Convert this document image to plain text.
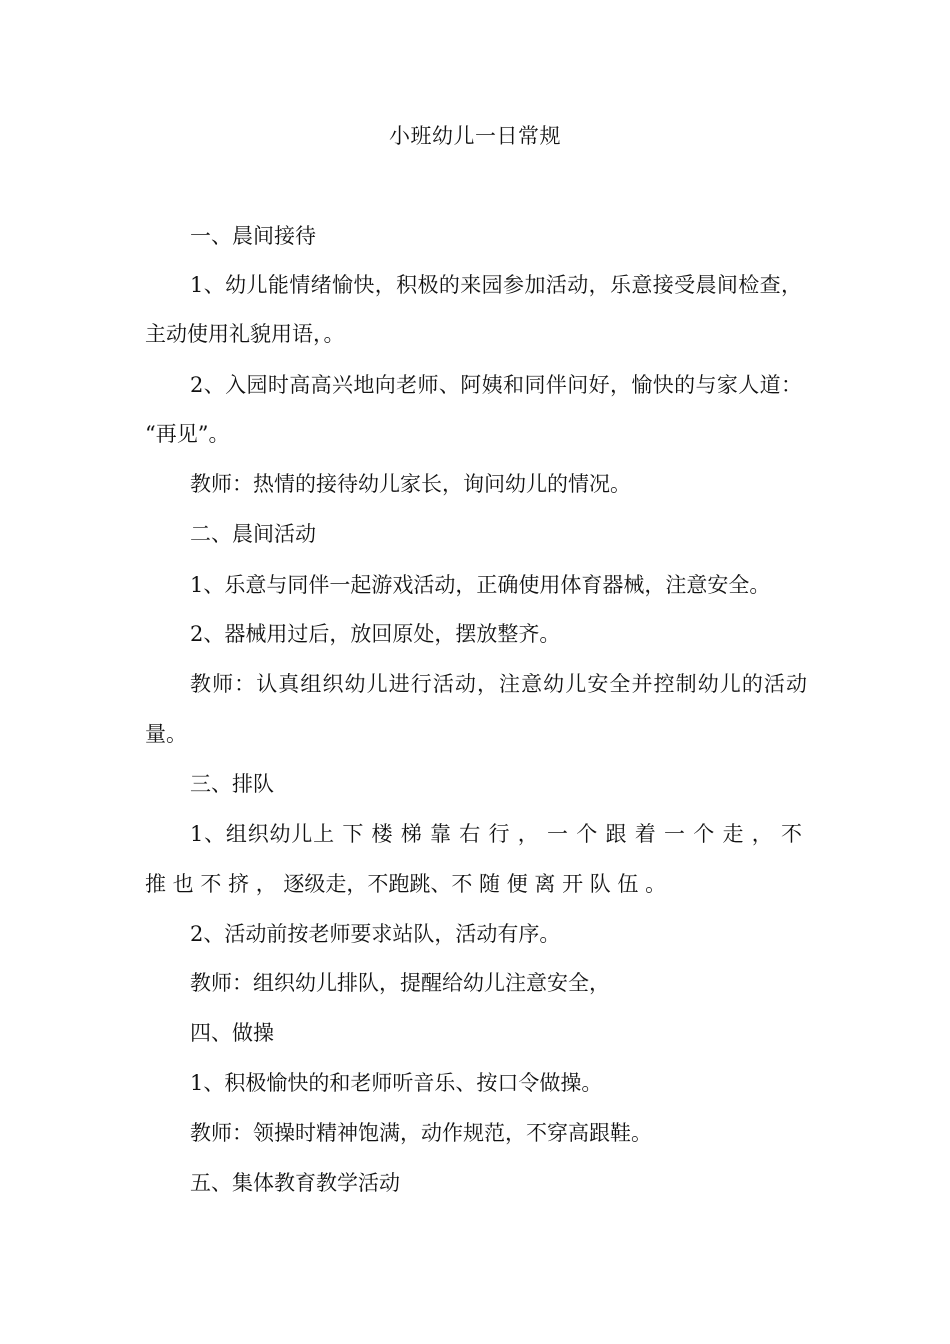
小班幼儿一日常规
一、晨间接待
1、幼儿能情绪愉快，积极的来园参加活动，乐意接受晨间检查，
主动使用礼貌用语，。
2、入园时高高兴地向老师、阿姨和同伴问好，愉快的与家人道：
“再见”。
教师：热情的接待幼儿家长，询问幼儿的情况。
二、晨间活动
1、乐意与同伴一起游戏活动，正确使用体育器械，注意安全。
2、器械用过后，放回原处，摆放整齐。
教师：认真组织幼儿进行活动，注意幼儿安全并控制幼儿的活动
量。
三、排队
1、组织幼儿上 下 楼 梯 靠 右 行 ， 一 个 跟 着 一 个 走 ， 不
推 也 不 挤 ， 逐级走，不跑跳、不 随 便 离 开 队 伍 。
2、活动前按老师要求站队，活动有序。
教师：组织幼儿排队，提醒给幼儿注意安全，
四、做操
1、积极愉快的和老师听音乐、按口令做操。
教师：领操时精神饱满，动作规范，不穿高跟鞋。
五、集体教育教学活动
